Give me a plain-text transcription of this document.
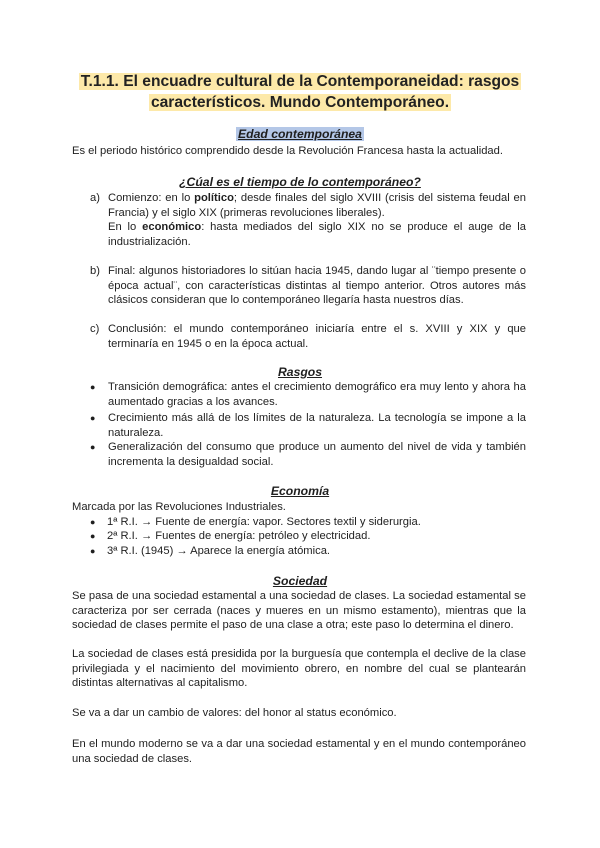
T.1.1. El encuadre cultural de la Contemporaneidad: rasgos
característicos. Mundo Contemporáneo.
Edad contemporánea
Es el periodo histórico comprendido desde la Revolución Francesa hasta la actualidad.
¿Cúal es el tiempo de lo contemporáneo?
a) Comienzo: en lo político; desde finales del siglo XVIII (crisis del sistema feudal en Francia) y el siglo XIX (primeras revoluciones liberales).
En lo económico: hasta mediados del siglo XIX no se produce el auge de la industrialización.
b) Final: algunos historiadores lo sitúan hacia 1945, dando lugar al ¨tiempo presente o época actual¨, con características distintas al tiempo anterior. Otros autores más clásicos consideran que lo contemporáneo llegaría hasta nuestros días.
c) Conclusión: el mundo contemporáneo iniciaría entre el s. XVIII y XIX y que terminaría en 1945 o en la época actual.
Rasgos
● Transición demográfica: antes el crecimiento demográfico era muy lento y ahora ha aumentado gracias a los avances.
● Crecimiento más allá de los límites de la naturaleza. La tecnología se impone a la naturaleza.
● Generalización del consumo que produce un aumento del nivel de vida y también incrementa la desigualdad social.
Economía
Marcada por las Revoluciones Industriales.
● 1ª R.I. → Fuente de energía: vapor. Sectores textil y siderurgia.
● 2ª R.I. → Fuentes de energía: petróleo y electricidad.
● 3ª R.I. (1945) → Aparece la energía atómica.
Sociedad
Se pasa de una sociedad estamental a una sociedad de clases. La sociedad estamental se caracteriza por ser cerrada (naces y mueres en un mismo estamento), mientras que la sociedad de clases permite el paso de una clase a otra; este paso lo determina el dinero.
La sociedad de clases está presidida por la burguesía que contempla el declive de la clase privilegiada y el nacimiento del movimiento obrero, en nombre del cual se plantearán distintas alternativas al capitalismo.
Se va a dar un cambio de valores: del honor al status económico.
En el mundo moderno se va a dar una sociedad estamental y en el mundo contemporáneo una sociedad de clases.
